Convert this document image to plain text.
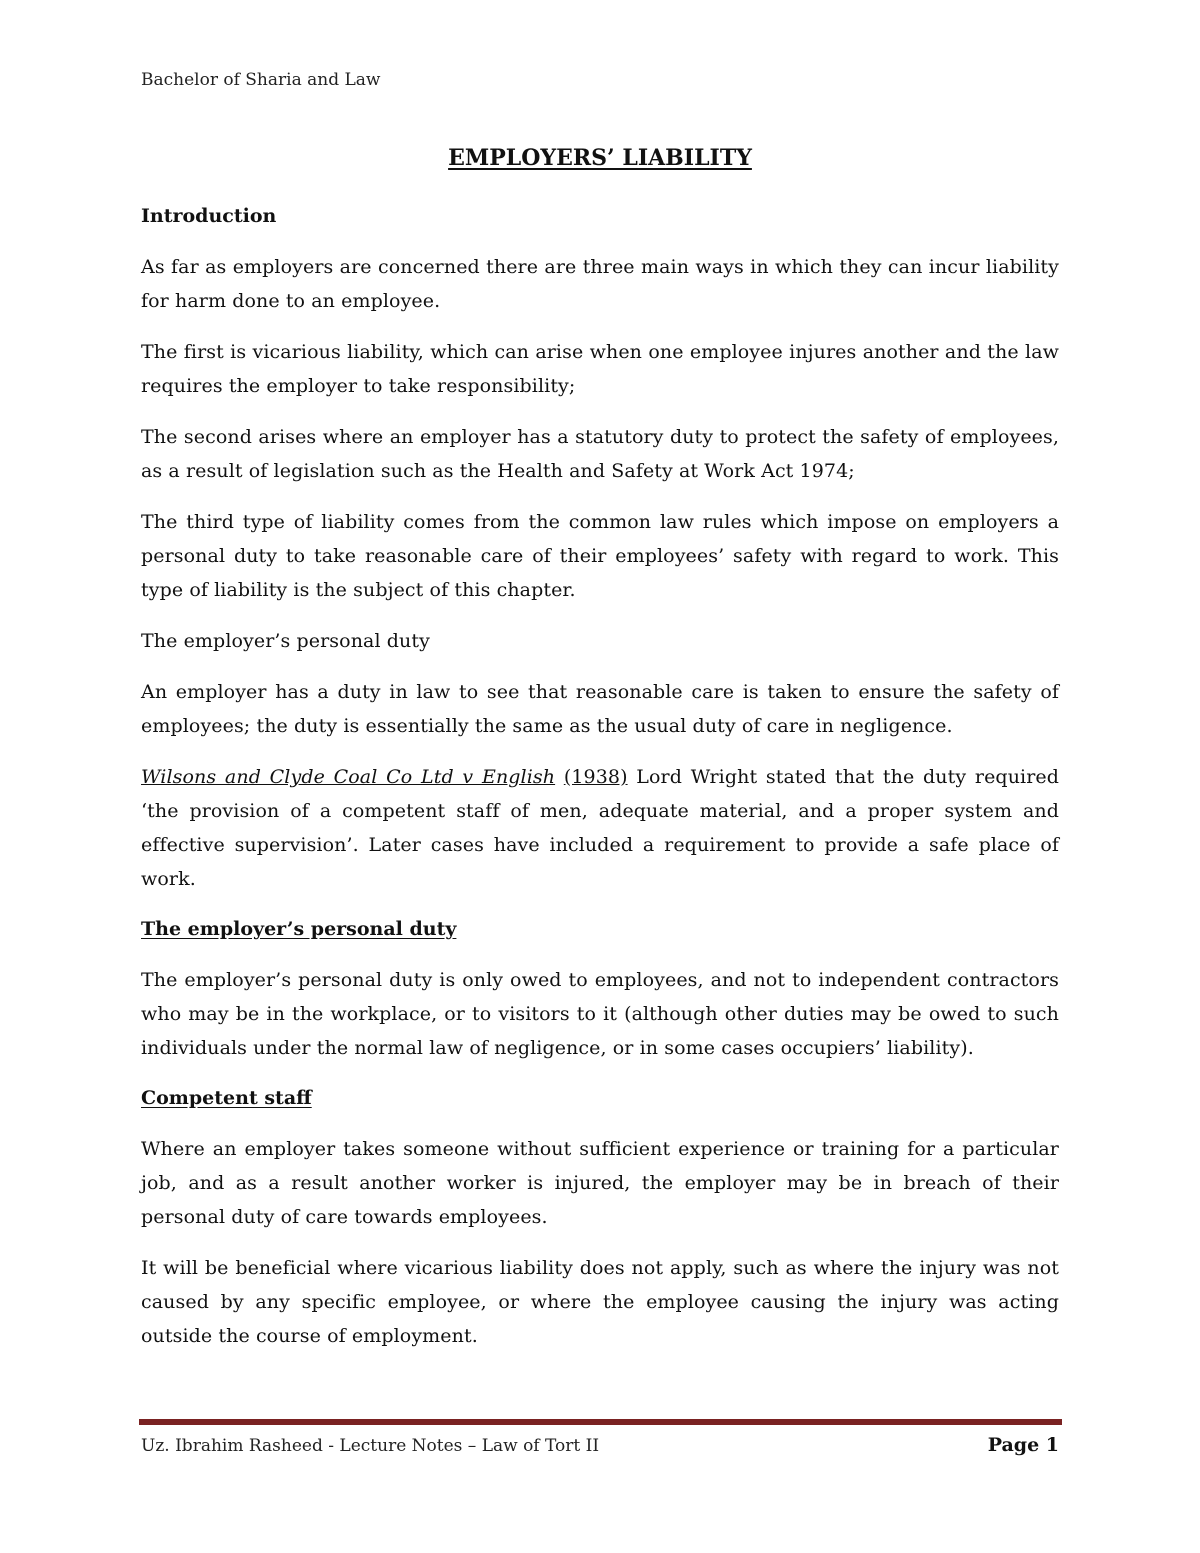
Bachelor of Sharia and Law
EMPLOYERS’ LIABILITY
Introduction

As far as employers are concerned there are three main ways in which they can incur liability for harm done to an employee.

The first is vicarious liability, which can arise when one employee injures another and the law requires the employer to take responsibility;

The second arises where an employer has a statutory duty to protect the safety of employees, as a result of legislation such as the Health and Safety at Work Act 1974;

The third type of liability comes from the common law rules which impose on employers a personal duty to take reasonable care of their employees’ safety with regard to work. This type of liability is the subject of this chapter.

The employer’s personal duty

An employer has a duty in law to see that reasonable care is taken to ensure the safety of employees; the duty is essentially the same as the usual duty of care in negligence.

Wilsons and Clyde Coal Co Ltd v English (1938) Lord Wright stated that the duty required ‘the provision of a competent staff of men, adequate material, and a proper system and effective supervision’. Later cases have included a requirement to provide a safe place of work.

The employer’s personal duty

The employer’s personal duty is only owed to employees, and not to independent contractors who may be in the workplace, or to visitors to it (although other duties may be owed to such individuals under the normal law of negligence, or in some cases occupiers’ liability).

Competent staff

Where an employer takes someone without sufficient experience or training for a particular job, and as a result another worker is injured, the employer may be in breach of their personal duty of care towards employees.

It will be beneficial where vicarious liability does not apply, such as where the injury was not caused by any specific employee, or where the employee causing the injury was acting outside the course of employment.

Uz. Ibrahim Rasheed - Lecture Notes – Law of Tort II	Page 1
